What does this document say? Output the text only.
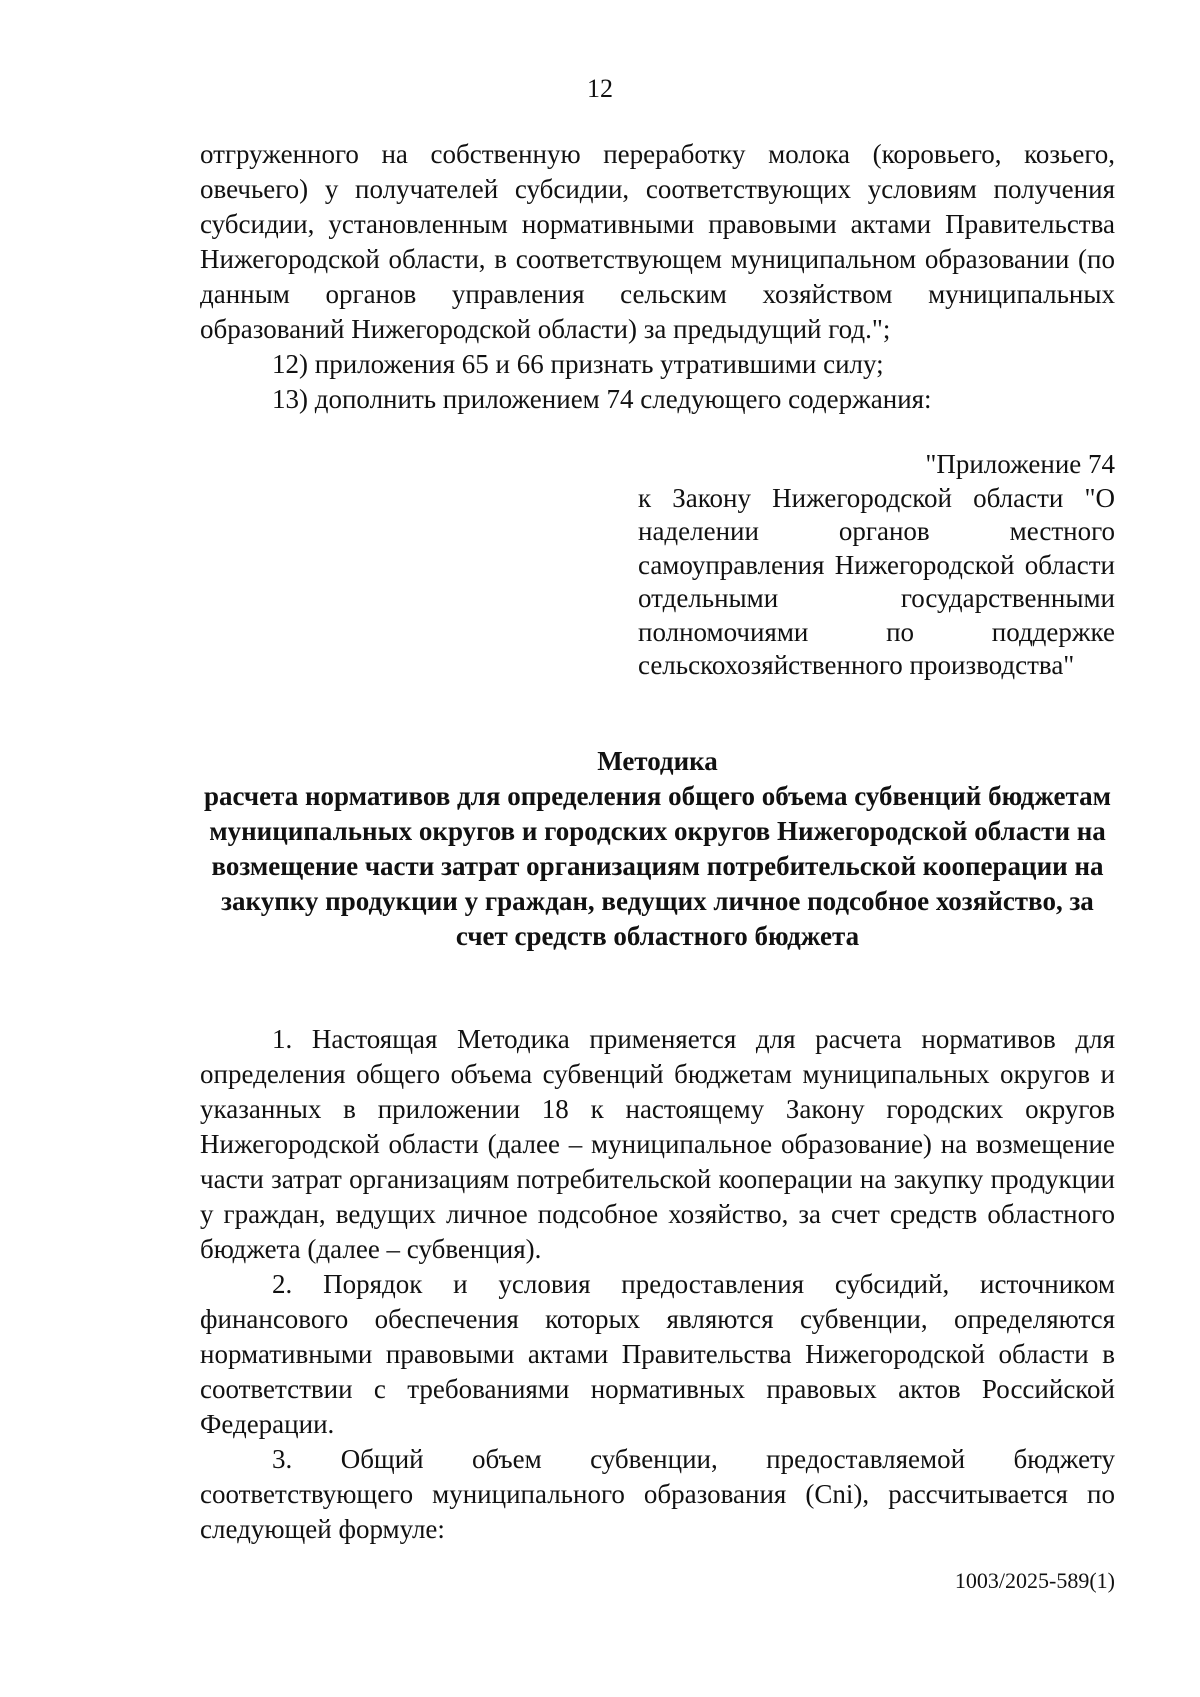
12

отгруженного на собственную переработку молока (коровьего, козьего, овечьего) у получателей субсидии, соответствующих условиям получения субсидии, установленным нормативными правовыми актами Правительства Нижегородской области, в соответствующем муниципальном образовании (по данным органов управления сельским хозяйством муниципальных образований Нижегородской области) за предыдущий год.";

12) приложения 65 и 66 признать утратившими силу;

13) дополнить приложением 74 следующего содержания:

"Приложение 74
к Закону Нижегородской области "О наделении органов местного самоуправления Нижегородской области отдельными государственными полномочиями по поддержке сельскохозяйственного производства"
Методика
расчета нормативов для определения общего объема субвенций бюджетам муниципальных округов и городских округов Нижегородской области на возмещение части затрат организациям потребительской кооперации на закупку продукции у граждан, ведущих личное подсобное хозяйство, за счет средств областного бюджета

1. Настоящая Методика применяется для расчета нормативов для определения общего объема субвенций бюджетам муниципальных округов и указанных в приложении 18 к настоящему Закону городских округов Нижегородской области (далее – муниципальное образование) на возмещение части затрат организациям потребительской кооперации на закупку продукции у граждан, ведущих личное подсобное хозяйство, за счет средств областного бюджета (далее – субвенция).

2. Порядок и условия предоставления субсидий, источником финансового обеспечения которых являются субвенции, определяются нормативными правовыми актами Правительства Нижегородской области в соответствии с требованиями нормативных правовых актов Российской Федерации.

3. Общий объем субвенции, предоставляемой бюджету соответствующего муниципального образования (Cni), рассчитывается по следующей формуле:

1003/2025-589(1)
